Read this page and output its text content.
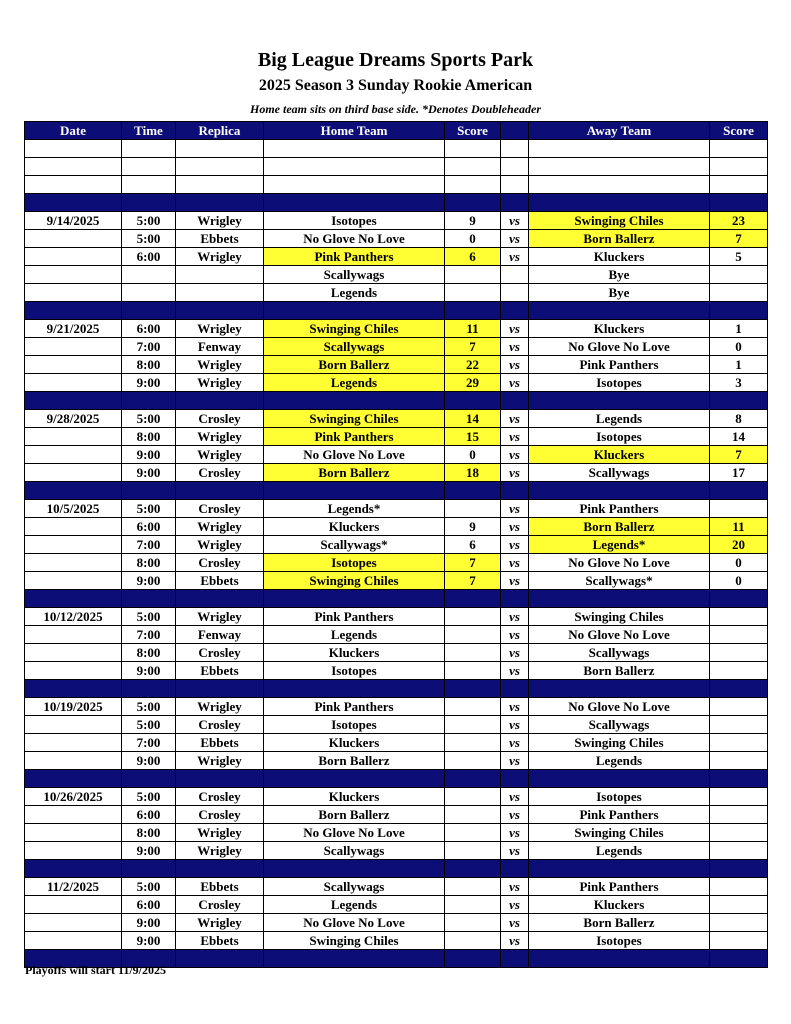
Big League Dreams Sports Park
2025 Season 3 Sunday Rookie American
Home team sits on third base side. *Denotes Doubleheader
Date	Time	Replica	Home Team	Score		Away Team	Score

9/14/2025	5:00	Wrigley	Isotopes	9	vs	Swinging Chiles	23
	5:00	Ebbets	No Glove No Love	0	vs	Born Ballerz	7
	6:00	Wrigley	Pink Panthers	6	vs	Kluckers	5
			Scallywags			Bye	
			Legends			Bye	

9/21/2025	6:00	Wrigley	Swinging Chiles	11	vs	Kluckers	1
	7:00	Fenway	Scallywags	7	vs	No Glove No Love	0
	8:00	Wrigley	Born Ballerz	22	vs	Pink Panthers	1
	9:00	Wrigley	Legends	29	vs	Isotopes	3

9/28/2025	5:00	Crosley	Swinging Chiles	14	vs	Legends	8
	8:00	Wrigley	Pink Panthers	15	vs	Isotopes	14
	9:00	Wrigley	No Glove No Love	0	vs	Kluckers	7
	9:00	Crosley	Born Ballerz	18	vs	Scallywags	17

10/5/2025	5:00	Crosley	Legends*		vs	Pink Panthers	
	6:00	Wrigley	Kluckers	9	vs	Born Ballerz	11
	7:00	Wrigley	Scallywags*	6	vs	Legends*	20
	8:00	Crosley	Isotopes	7	vs	No Glove No Love	0
	9:00	Ebbets	Swinging Chiles	7	vs	Scallywags*	0

10/12/2025	5:00	Wrigley	Pink Panthers		vs	Swinging Chiles	
	7:00	Fenway	Legends		vs	No Glove No Love	
	8:00	Crosley	Kluckers		vs	Scallywags	
	9:00	Ebbets	Isotopes		vs	Born Ballerz	

10/19/2025	5:00	Wrigley	Pink Panthers		vs	No Glove No Love	
	5:00	Crosley	Isotopes		vs	Scallywags	
	7:00	Ebbets	Kluckers		vs	Swinging Chiles	
	9:00	Wrigley	Born Ballerz		vs	Legends	

10/26/2025	5:00	Crosley	Kluckers		vs	Isotopes	
	6:00	Crosley	Born Ballerz		vs	Pink Panthers	
	8:00	Wrigley	No Glove No Love		vs	Swinging Chiles	
	9:00	Wrigley	Scallywags		vs	Legends	

11/2/2025	5:00	Ebbets	Scallywags		vs	Pink Panthers	
	6:00	Crosley	Legends		vs	Kluckers	
	9:00	Wrigley	No Glove No Love		vs	Born Ballerz	
	9:00	Ebbets	Swinging Chiles		vs	Isotopes	

Playoffs will start 11/9/2025
